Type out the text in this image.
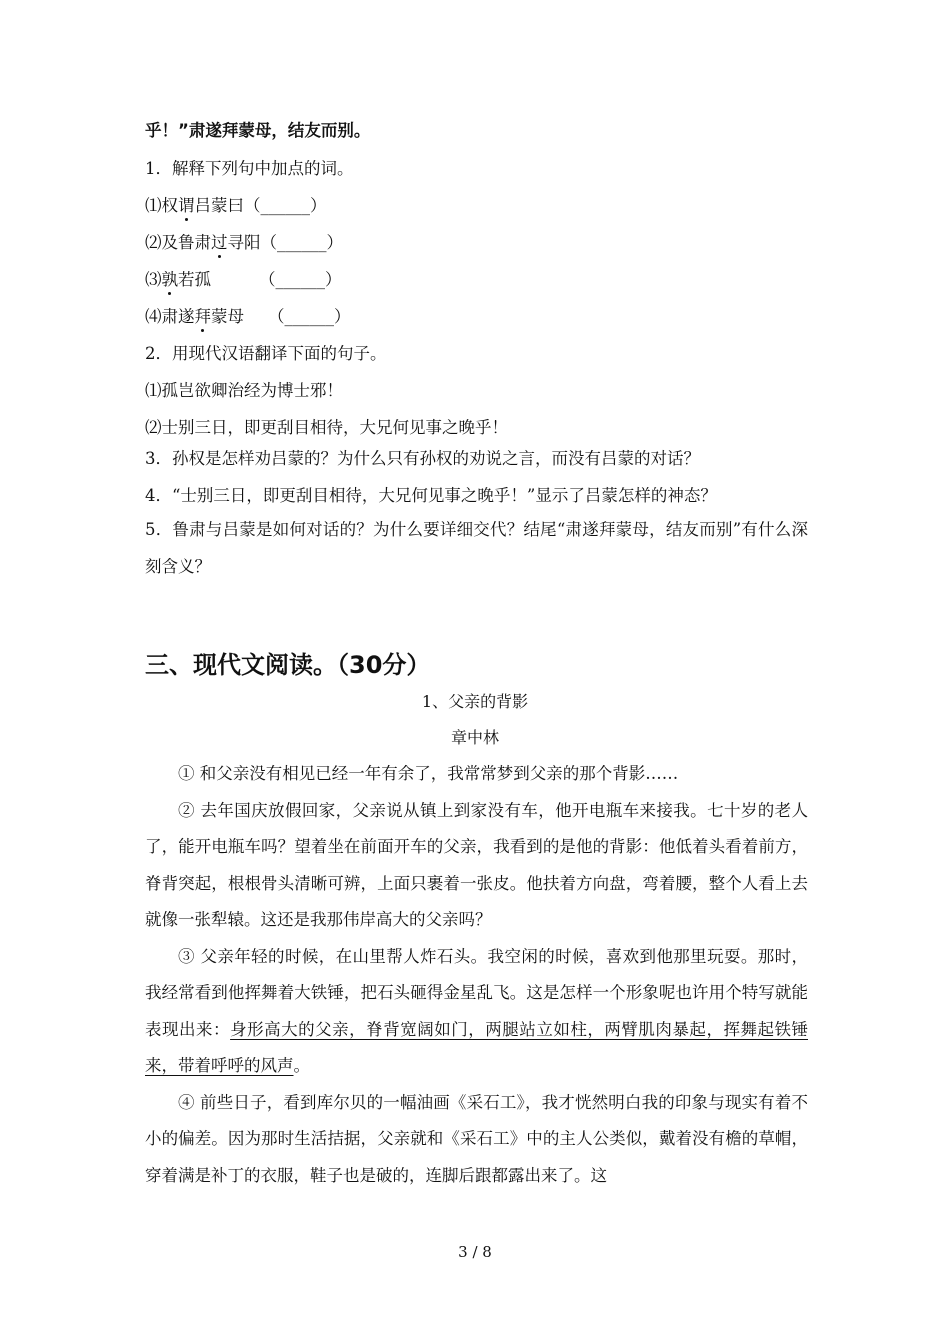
乎！”肃遂拜蒙母，结友而别。
1．解释下列句中加点的词。
⑴权谓吕蒙曰（______）
⑵及鲁肃过寻阳（______）
⑶孰若孤	（______）
⑷肃遂拜蒙母 （______）
2．用现代汉语翻译下面的句子。
⑴孤岂欲卿治经为博士邪！
⑵士别三日，即更刮目相待，大兄何见事之晚乎！
3．孙权是怎样劝吕蒙的？为什么只有孙权的劝说之言，而没有吕蒙的对话？
4．“士别三日，即更刮目相待，大兄何见事之晚乎！”显示了吕蒙怎样的神态？

5．鲁肃与吕蒙是如何对话的？为什么要详细交代？结尾“肃遂拜蒙母，结友而别”有什么深刻含义？

三、现代文阅读。（30分）
1、父亲的背影
章中林

① 和父亲没有相见已经一年有余了，我常常梦到父亲的那个背影……

② 去年国庆放假回家，父亲说从镇上到家没有车，他开电瓶车来接我。七十岁的老人了，能开电瓶车吗？望着坐在前面开车的父亲，我看到的是他的背影：他低着头看着前方，脊背突起，根根骨头清晰可辨，上面只裹着一张皮。他扶着方向盘，弯着腰，整个人看上去就像一张犁辕。这还是我那伟岸高大的父亲吗？

③ 父亲年轻的时候，在山里帮人炸石头。我空闲的时候，喜欢到他那里玩耍。那时，我经常看到他挥舞着大铁锤，把石头砸得金星乱飞。这是怎样一个形象呢也许用个特写就能表现出来：身形高大的父亲，脊背宽阔如门，两腿站立如柱，两臂肌肉暴起，挥舞起铁锤来，带着呼呼的风声。

④ 前些日子，看到库尔贝的一幅油画《采石工》，我才恍然明白我的印象与现实有着不小的偏差。因为那时生活拮据，父亲就和《采石工》中的主人公类似，戴着没有檐的草帽，穿着满是补丁的衣服，鞋子也是破的，连脚后跟都露出来了。这

3 / 8
